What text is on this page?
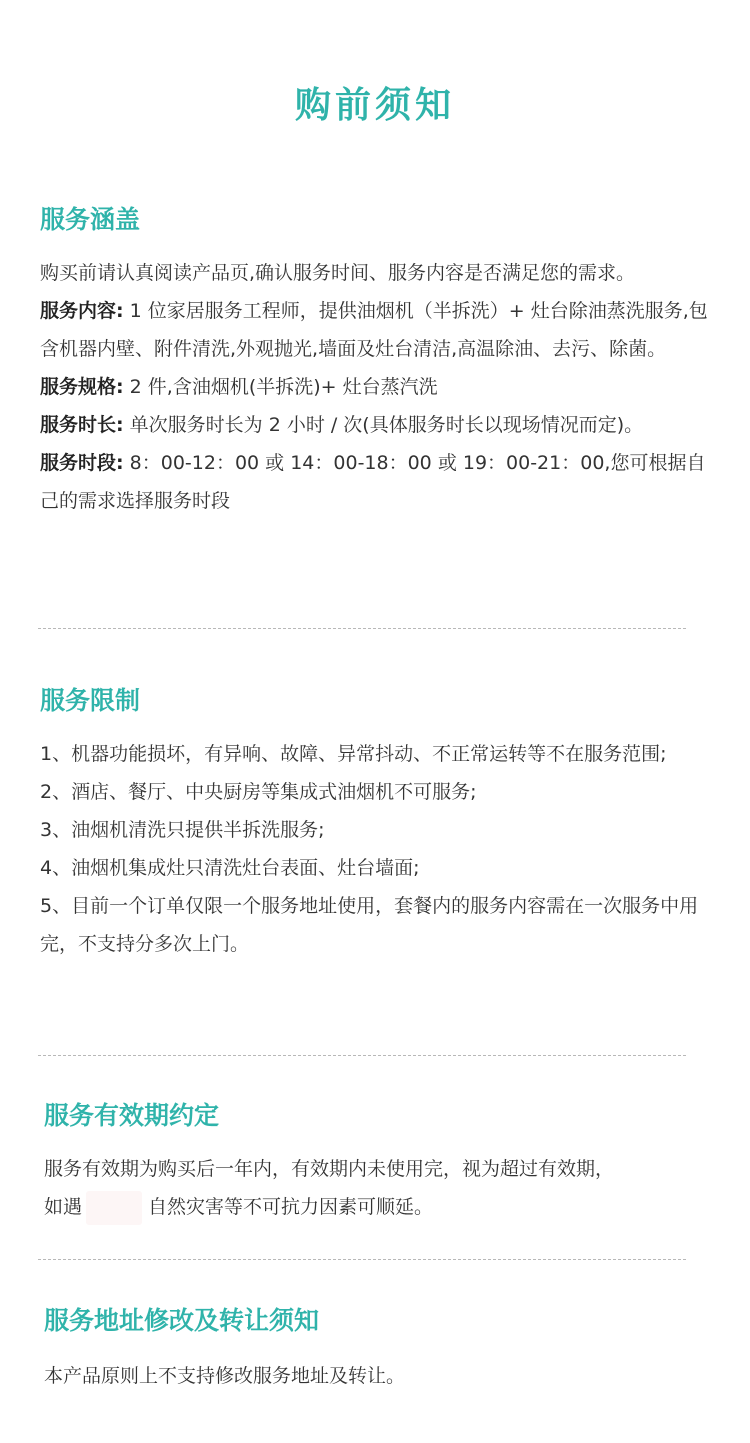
购前须知
服务涵盖

购买前请认真阅读产品页,确认服务时间、服务内容是否满足您的需求。

服务内容: 1 位家居服务工程师，提供油烟机（半拆洗）+ 灶台除油蒸洗服务,包含机器内壁、附件清洗,外观抛光,墙面及灶台清洁,高温除油、去污、除菌。

服务规格: 2 件,含油烟机(半拆洗)+ 灶台蒸汽洗

服务时长: 单次服务时长为 2 小时 / 次(具体服务时长以现场情况而定)。

服务时段: 8：00-12：00 或 14：00-18：00 或 19：00-21：00,您可根据自己的需求选择服务时段

服务限制

1、机器功能损坏，有异响、故障、异常抖动、不正常运转等不在服务范围;

2、酒店、餐厅、中央厨房等集成式油烟机不可服务;

3、油烟机清洗只提供半拆洗服务;

4、油烟机集成灶只清洗灶台表面、灶台墙面;

5、目前一个订单仅限一个服务地址使用，套餐内的服务内容需在一次服务中用完，不支持分多次上门。

服务有效期约定

服务有效期为购买后一年内，有效期内未使用完，视为超过有效期，

如遇	自然灾害等不可抗力因素可顺延。

服务地址修改及转让须知

本产品原则上不支持修改服务地址及转让。
